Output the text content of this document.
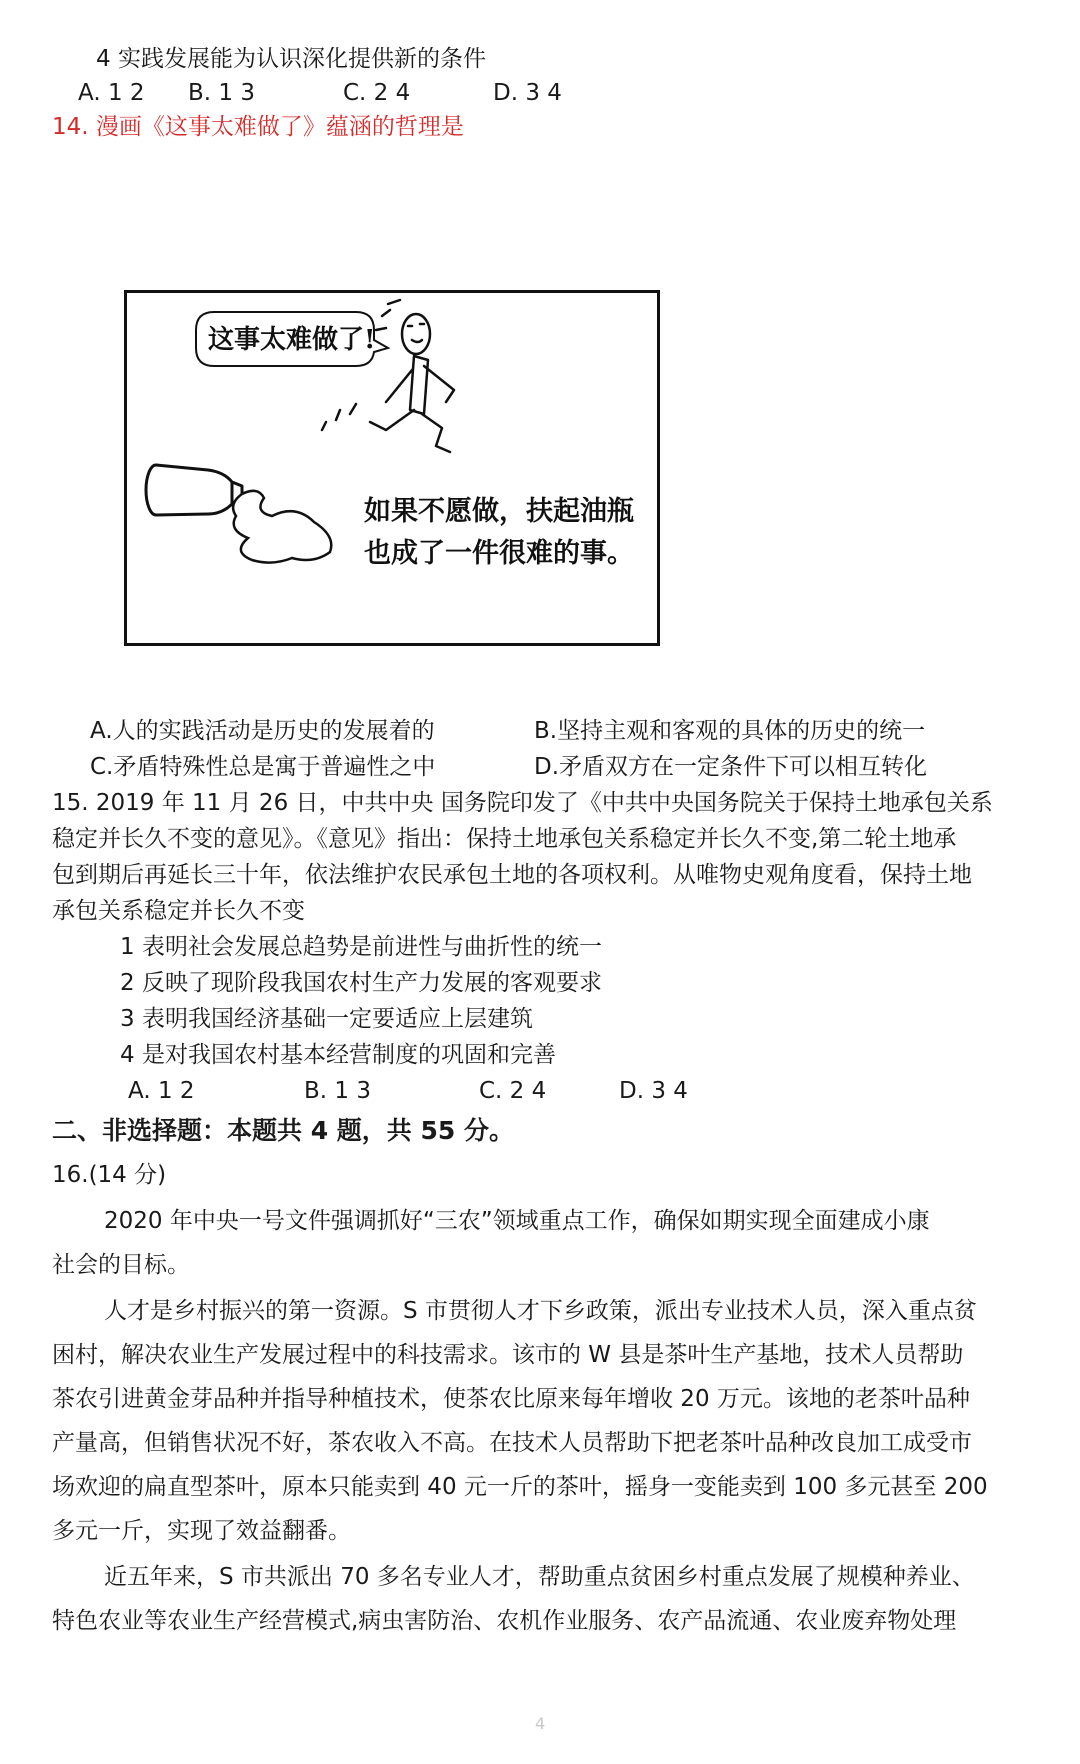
4 实践发展能为认识深化提供新的条件
A. 1 2 B. 1 3	C. 2 4	D. 3 4
14. 漫画《这事太难做了》蕴涵的哲理是
这事太难做了!
如果不愿做，扶起油瓶
也成了一件很难的事。
A.人的实践活动是历史的发展着的	B.坚持主观和客观的具体的历史的统一
C.矛盾特殊性总是寓于普遍性之中	D.矛盾双方在一定条件下可以相互转化
15. 2019 年 11 月 26 日，中共中央 国务院印发了《中共中央国务院关于保持土地承包关系
稳定并长久不变的意见》。《意见》指出：保持土地承包关系稳定并长久不变,第二轮土地承
包到期后再延长三十年，依法维护农民承包土地的各项权利。从唯物史观角度看，保持土地
承包关系稳定并长久不变
1 表明社会发展总趋势是前进性与曲折性的统一
2 反映了现阶段我国农村生产力发展的客观要求
3 表明我国经济基础一定要适应上层建筑
4 是对我国农村基本经营制度的巩固和完善
A. 1 2	B. 1 3	C. 2 4	D. 3 4
二、非选择题：本题共 4 题，共 55 分。
16.(14 分)
2020 年中央一号文件强调抓好“三农”领域重点工作，确保如期实现全面建成小康
社会的目标。
人才是乡村振兴的第一资源。S 市贯彻人才下乡政策，派出专业技术人员，深入重点贫
困村，解决农业生产发展过程中的科技需求。该市的 W 县是茶叶生产基地，技术人员帮助
茶农引进黄金芽品种并指导种植技术，使茶农比原来每年增收 20 万元。该地的老茶叶品种
产量高，但销售状况不好，茶农收入不高。在技术人员帮助下把老茶叶品种改良加工成受市
场欢迎的扁直型茶叶，原本只能卖到 40 元一斤的茶叶，摇身一变能卖到 100 多元甚至 200
多元一斤，实现了效益翻番。
近五年来，S 市共派出 70 多名专业人才，帮助重点贫困乡村重点发展了规模种养业、
特色农业等农业生产经营模式,病虫害防治、农机作业服务、农产品流通、农业废弃物处理
4
